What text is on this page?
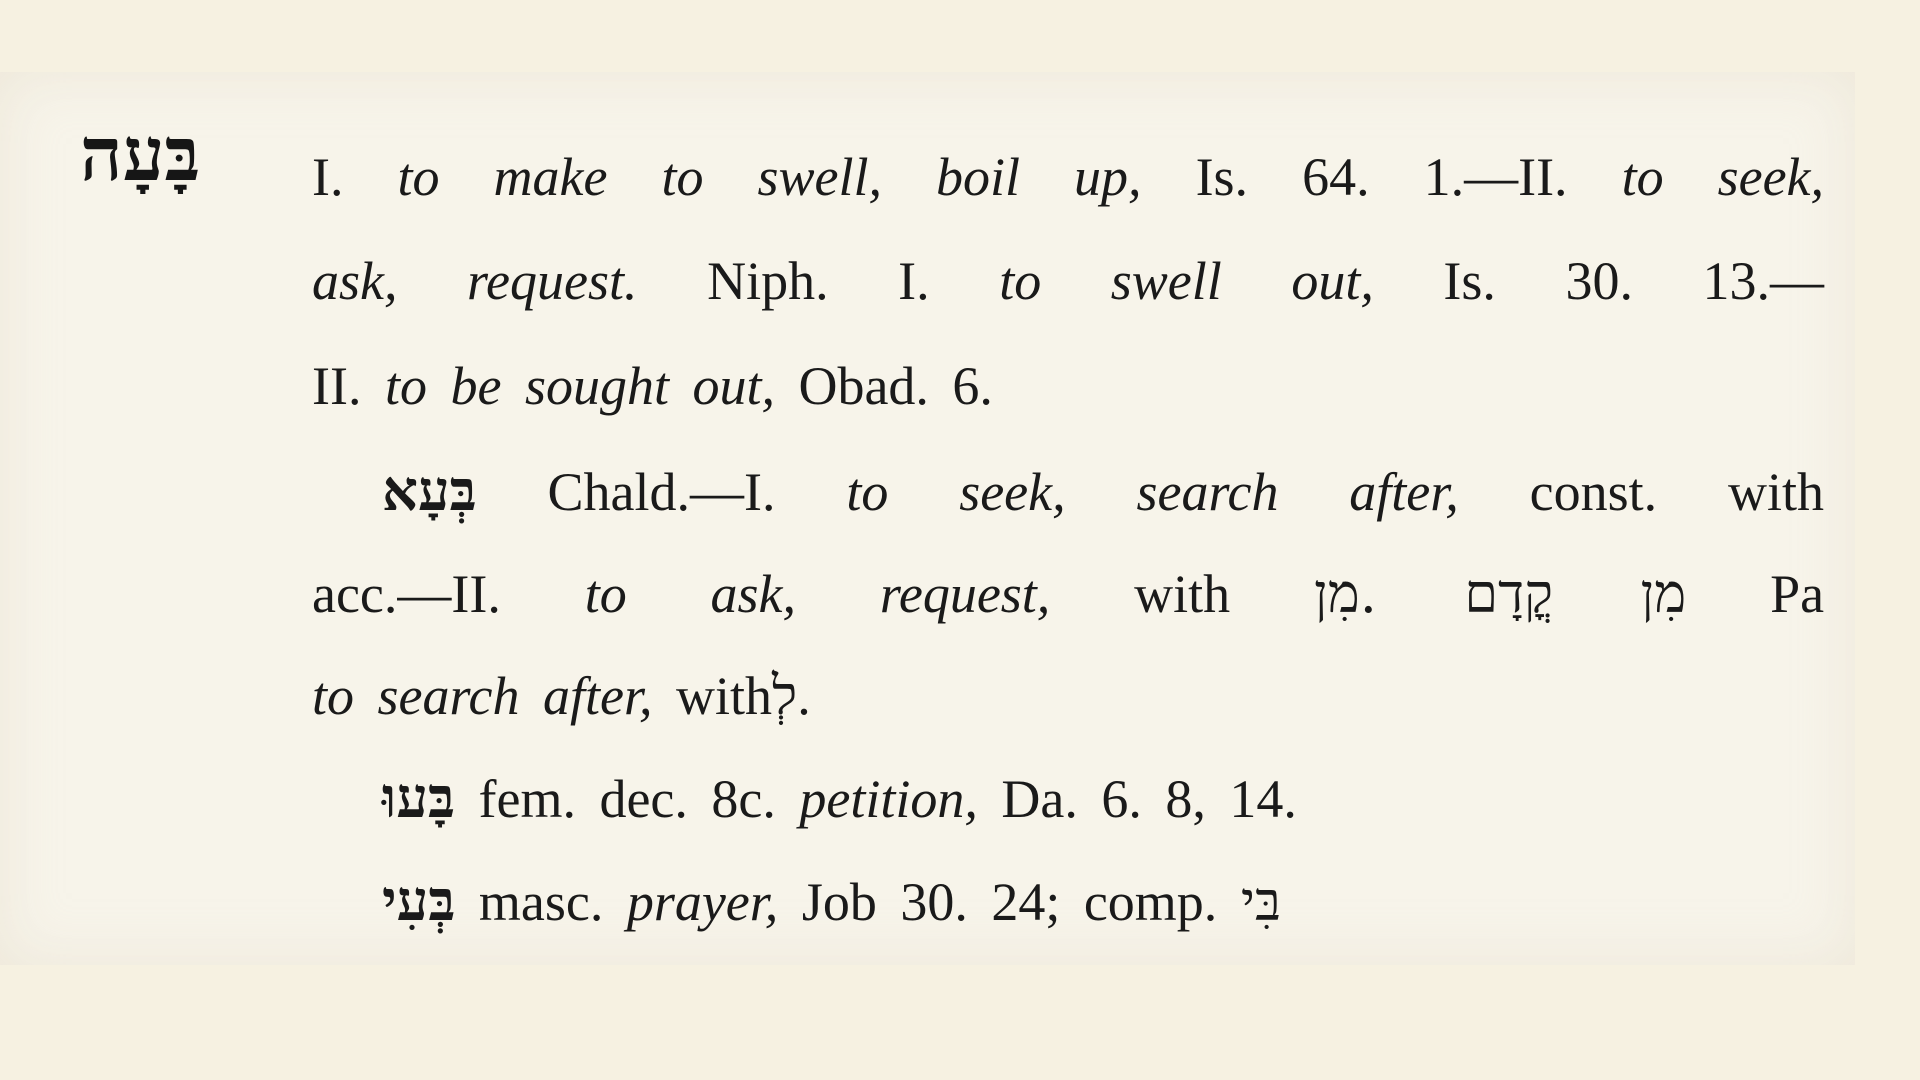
בָּעָה I. to make to swell, boil up, Is. 64. 1.—II. to seek,
ask, request. Niph. I. to swell out, Is. 30. 13.—
II. to be sought out, Obad. 6.
בְּעָא Chald.—I. to seek, search after, const. with
acc.—II. to ask, request, with מִן קֳדָם .מִן Pa
to search after, withלְ.
בָּעוּ fem. dec. 8c. petition, Da. 6. 8, 14.
בְּעִי masc. prayer, Job 30. 24; comp. בִּי
